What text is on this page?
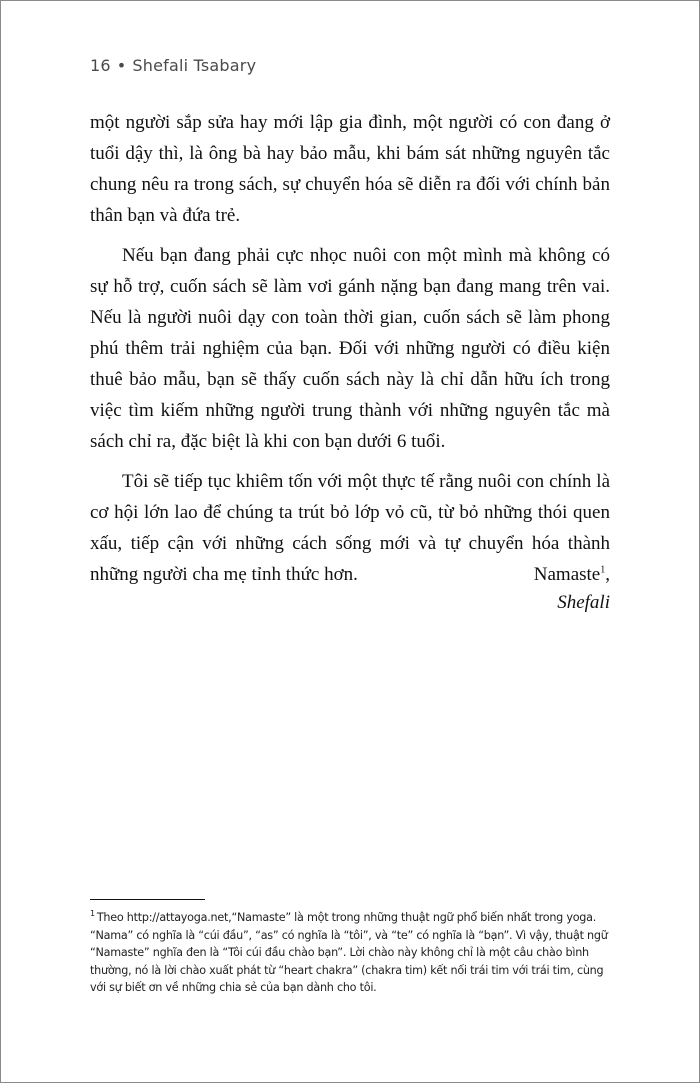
16 • Shefali Tsabary

một người sắp sửa hay mới lập gia đình, một người có con đang ở tuổi dậy thì, là ông bà hay bảo mẫu, khi bám sát những nguyên tắc chung nêu ra trong sách, sự chuyển hóa sẽ diễn ra đối với chính bản thân bạn và đứa trẻ.

Nếu bạn đang phải cực nhọc nuôi con một mình mà không có sự hỗ trợ, cuốn sách sẽ làm vơi gánh nặng bạn đang mang trên vai. Nếu là người nuôi dạy con toàn thời gian, cuốn sách sẽ làm phong phú thêm trải nghiệm của bạn. Đối với những người có điều kiện thuê bảo mẫu, bạn sẽ thấy cuốn sách này là chỉ dẫn hữu ích trong việc tìm kiếm những người trung thành với những nguyên tắc mà sách chỉ ra, đặc biệt là khi con bạn dưới 6 tuổi.

Tôi sẽ tiếp tục khiêm tốn với một thực tế rằng nuôi con chính là cơ hội lớn lao để chúng ta trút bỏ lớp vỏ cũ, từ bỏ những thói quen xấu, tiếp cận với những cách sống mới và tự chuyển hóa thành những người cha mẹ tỉnh thức hơn.	Namaste$^1$,
Shefali
$^1$ Theo http://attayoga.net,“Namaste” là một trong những thuật ngữ phổ biến nhất trong yoga. “Nama” có nghĩa là “cúi đầu”, “as” có nghĩa là “tôi”, và “te” có nghĩa là “bạn”. Vì vậy, thuật ngữ “Namaste” nghĩa đen là “Tôi cúi đầu chào bạn”. Lời chào này không chỉ là một câu chào bình thường, nó là lời chào xuất phát từ “heart chakra” (chakra tim) kết nối trái tim với trái tim, cùng với sự biết ơn về những chia sẻ của bạn dành cho tôi.
